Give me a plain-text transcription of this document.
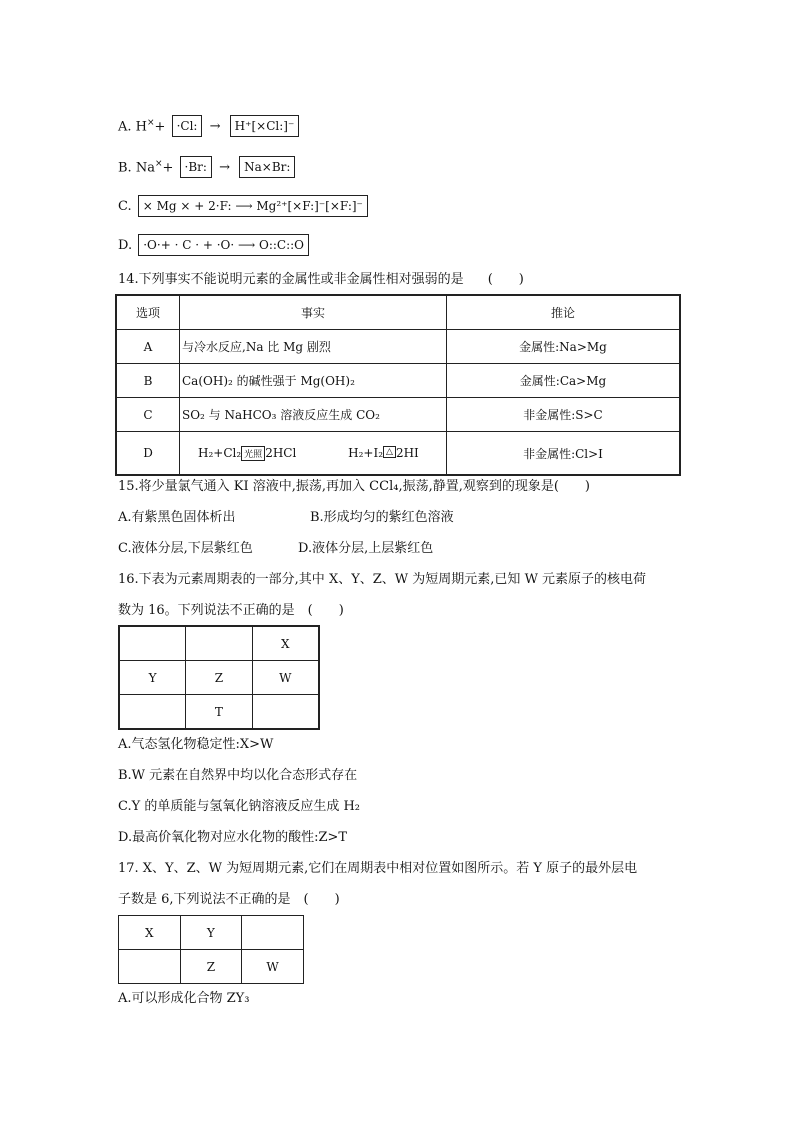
A. H×+ ·Cl: → H⁺[×Cl:]⁻
B. Na×+ ·Br: → Na×Br:
C. × Mg × + 2·F: ⟶ Mg²⁺[×F:]⁻[×F:]⁻
D. ·O·+ · C · + ·O· ⟶ O::C::O
14.下列事实不能说明元素的金属性或非金属性相对强弱的是 (　　)
选项	事实	推论
A	与冷水反应,Na 比 Mg 剧烈	金属性:Na>Mg
B	Ca(OH)₂ 的碱性强于 Mg(OH)₂	金属性:Ca>Mg
C	SO₂ 与 NaHCO₃ 溶液反应生成 CO₂	非金属性:S>C
D	H₂+Cl₂ 光照 2HCl H₂+I₂ △ 2HI	非金属性:Cl>I
15.将少量氯气通入 KI 溶液中,振荡,再加入 CCl₄,振荡,静置,观察到的现象是(　　)
A.有紫黑色固体析出	B.形成均匀的紫红色溶液
C.液体分层,下层紫红色	D.液体分层,上层紫红色
16.下表为元素周期表的一部分,其中 X、Y、Z、W 为短周期元素,已知 W 元素原子的核电荷
数为 16。下列说法不正确的是　(　　)
		X
Y	Z	W
	T	
A.气态氢化物稳定性:X>W
B.W 元素在自然界中均以化合态形式存在
C.Y 的单质能与氢氧化钠溶液反应生成 H₂
D.最高价氧化物对应水化物的酸性:Z>T
17. X、Y、Z、W 为短周期元素,它们在周期表中相对位置如图所示。若 Y 原子的最外层电
子数是 6,下列说法不正确的是　(　　)
X	Y	
	Z	W
A.可以形成化合物 ZY₃
